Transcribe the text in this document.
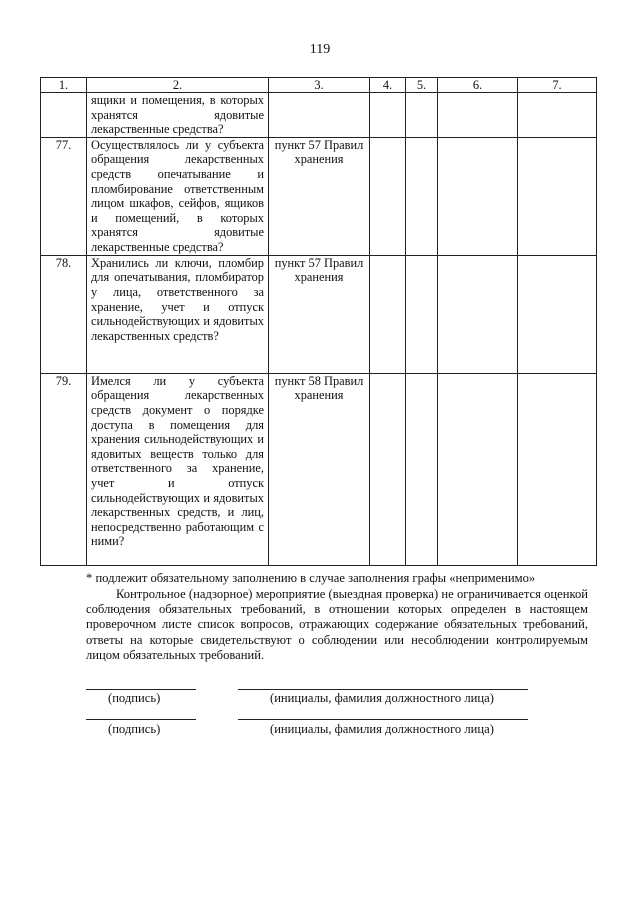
119
1.	2.	3.	4.	5.	6.	7.
	ящики и помещения, в которых хранятся ядовитые лекарственные средства?					
77.	Осуществлялось ли у субъекта обращения лекарственных средств опечатывание и пломбирование ответственным лицом шкафов, сейфов, ящиков и помещений, в которых хранятся ядовитые лекарственные средства?	пункт 57 Правил хранения				
78.	Хранились ли ключи, пломбир для опечатывания, пломбиратор у лица, ответственного за хранение, учет и отпуск сильнодействующих и ядовитых лекарственных средств?	пункт 57 Правил хранения				
79.	Имелся ли у субъекта обращения лекарственных средств документ о порядке доступа в помещения для хранения сильнодействующих и ядовитых веществ только для ответственного за хранение, учет и отпуск сильнодействующих и ядовитых лекарственных средств, и лиц, непосредственно работающим с ними?	пункт 58 Правил хранения				
* подлежит обязательному заполнению в случае заполнения графы «неприменимо»
Контрольное (надзорное) мероприятие (выездная проверка) не ограничивается оценкой соблюдения обязательных требований, в отношении которых определен в настоящем проверочном листе список вопросов, отражающих содержание обязательных требований, ответы на которые свидетельствуют о соблюдении или несоблюдении контролируемым лицом обязательных требований.
(подпись)	(инициалы, фамилия должностного лица)
(подпись)	(инициалы, фамилия должностного лица)
